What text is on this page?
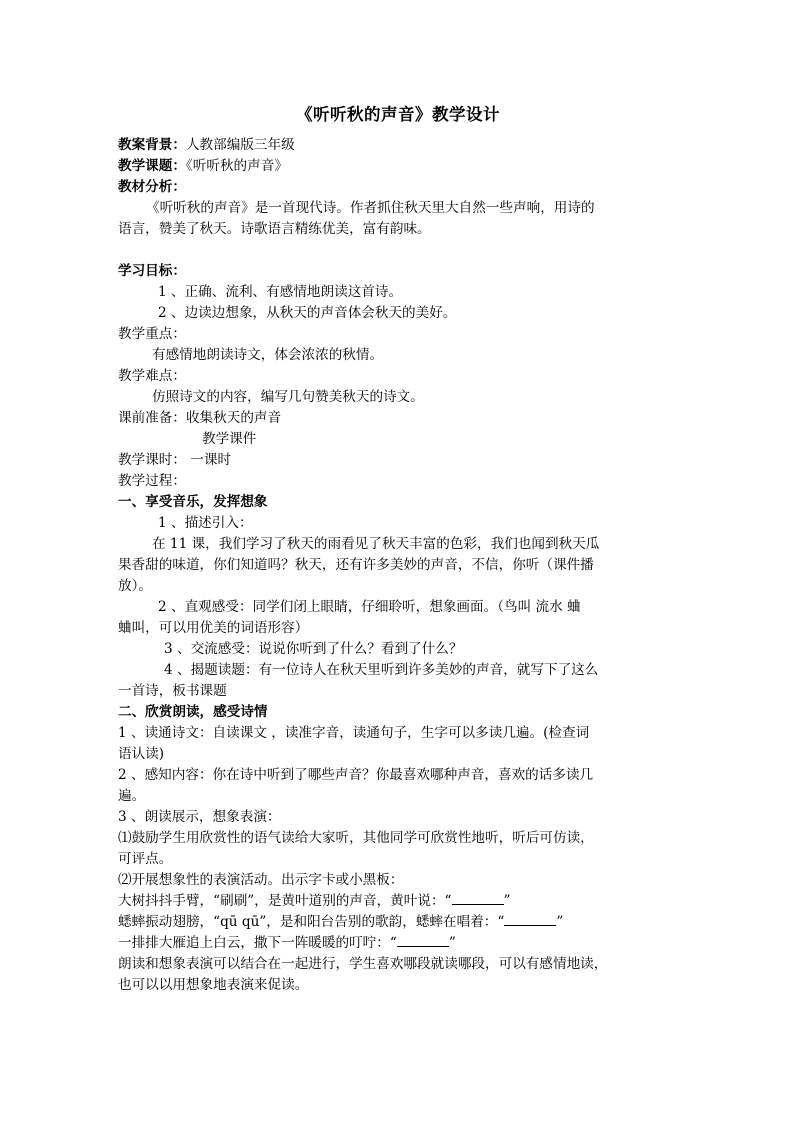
《听听秋的声音》教学设计
教案背景：人教部编版三年级
教学课题：《听听秋的声音》
教材分析：
《听听秋的声音》是一首现代诗。作者抓住秋天里大自然一些声响，用诗的
语言，赞美了秋天。诗歌语言精练优美，富有韵味。
学习目标：
1 、正确、流利、有感情地朗读这首诗。
2 、边读边想象，从秋天的声音体会秋天的美好。
教学重点：
有感情地朗读诗文，体会浓浓的秋情。
教学难点：
仿照诗文的内容，编写几句赞美秋天的诗文。
课前准备：收集秋天的声音
教学课件
教学课时： 一课时
教学过程：
一、享受音乐，发挥想象
1 、描述引入：
在 11 课，我们学习了秋天的雨看见了秋天丰富的色彩，我们也闻到秋天瓜
果香甜的味道，你们知道吗？秋天，还有许多美妙的声音，不信，你听（课件播
放）。
2 、直观感受：同学们闭上眼睛，仔细聆听，想象画面。（鸟叫 流水 蛐
蛐叫，可以用优美的词语形容）
3 、交流感受：说说你听到了什么？看到了什么？
4 、揭题读题：有一位诗人在秋天里听到许多美妙的声音，就写下了这么
一首诗，板书课题
二、欣赏朗读，感受诗情
1 、读通诗文：自读课文 ，读准字音，读通句子，生字可以多读几遍。(检查词
语认读)
2 、感知内容：你在诗中听到了哪些声音？你最喜欢哪种声音，喜欢的话多读几
遍。
3 、朗读展示，想象表演：
⑴鼓励学生用欣赏性的语气读给大家听，其他同学可欣赏性地听，听后可仿读，
可评点。
⑵开展想象性的表演活动。出示字卡或小黑板：
大树抖抖手臂，“刷刷”，是黄叶道别的声音，黄叶说：“	”
蟋蟀振动翅膀，“qū qū”，是和阳台告别的歌韵，蟋蟀在唱着：“	”
一排排大雁追上白云，撒下一阵暖暖的叮咛：“	”
朗读和想象表演可以结合在一起进行，学生喜欢哪段就读哪段，可以有感情地读，
也可以以用想象地表演来促读。
